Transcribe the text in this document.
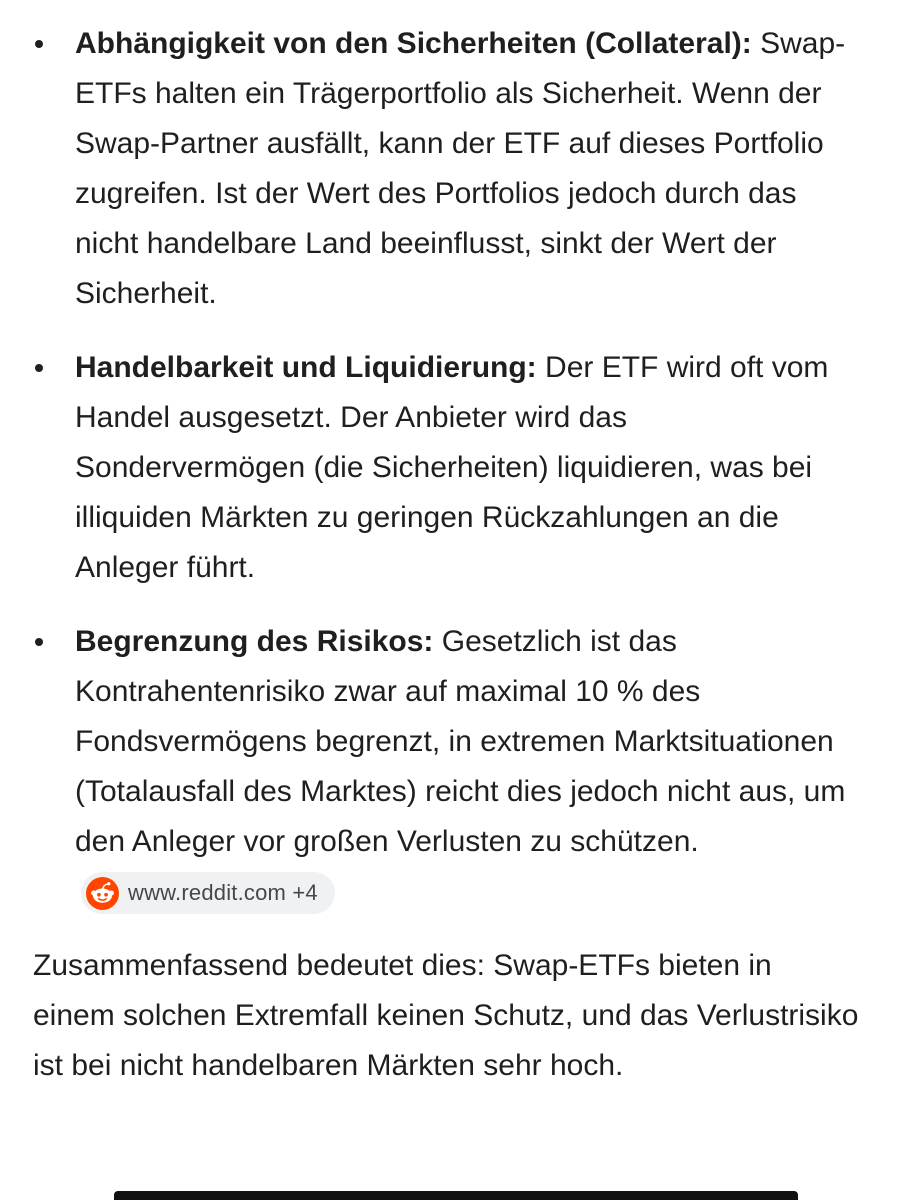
Abhängigkeit von den Sicherheiten (Collateral): Swap-ETFs halten ein Trägerportfolio als Sicherheit. Wenn der Swap-Partner ausfällt, kann der ETF auf dieses Portfolio zugreifen. Ist der Wert des Portfolios jedoch durch das nicht handelbare Land beeinflusst, sinkt der Wert der Sicherheit.
Handelbarkeit und Liquidierung: Der ETF wird oft vom Handel ausgesetzt. Der Anbieter wird das Sondervermögen (die Sicherheiten) liquidieren, was bei illiquiden Märkten zu geringen Rückzahlungen an die Anleger führt.
Begrenzung des Risikos: Gesetzlich ist das Kontrahentenrisiko zwar auf maximal 10 % des Fondsvermögens begrenzt, in extremen Marktsituationen (Totalausfall des Marktes) reicht dies jedoch nicht aus, um den Anleger vor großen Verlusten zu schützen.
www.reddit.com +4

Zusammenfassend bedeutet dies: Swap-ETFs bieten in einem solchen Extremfall keinen Schutz, und das Verlustrisiko ist bei nicht handelbaren Märkten sehr hoch.
